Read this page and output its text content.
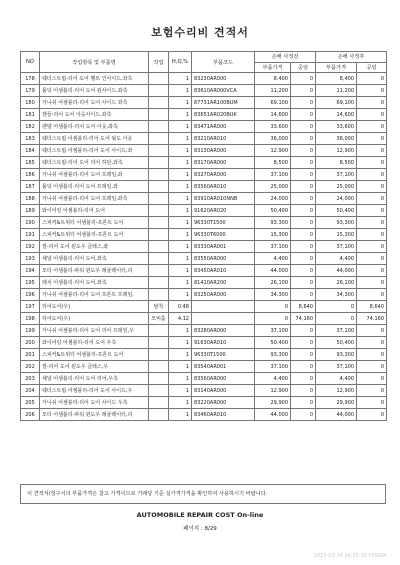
보험수리비 견적서
NO	작업항목 및 부품명	작업	H,Q,%	부품코드	손해 사정전		손해 사정후	
					부품가격	공임	부품가격	공임
178	웨더스트립-리어 도어 벨트 인사이드,좌측		1	83230AR000	8,400	0	8,400	0
179	몰딩 어셈블리-리어 도어 윈사이드,좌측		1	83610AR000VCA	11,200	0	11,200	0
180	가니쉬 어셈블리-리어 도어 사이드 좌측		1	87731AR100BUM	69,100	0	69,100	0
181	핸들-리어 도어 아웃사이드,좌측		1	83651AR020BUK	14,600	0	14,600	0
182	랜델 어셈블리-리어 도어 아웃,좌측		1	83471AR000	33,600	0	33,600	0
183	웨더스트립 어셈블리-리어 도어 뒷도 아웃		1	83210AR010	36,000	0	36,000	0
184	웨더스트립 어셈블리-리어 도어 사이드,좌		1	83130AR000	12,900	0	12,900	0
185	웨더스트립-리어 도어 리어 하단,좌측		1	83170AR000	8,500	0	8,500	0
186	가니쉬 어셈블리-리어 도어 프레임,좌		1	83270AR000	37,100	0	37,100	0
187	몰딩 어셈블리-리어 도어 프레임,좌		1	83560AR010	25,000	0	25,000	0
188	가니쉬 어셈블리-리어 도어 프레임,좌측		1	83910AR010NNB	24,000	0	24,000	0
189	와이어링 어셈블리-리어 도어		1	91620AR020	50,400	0	50,400	0
190	스피커&트위터 어셈블리-프론트 도어		1	96330T1500	93,300	0	93,300	0
191	스피커&트위터 어셈블리-프론트 도어		1	96330T6000	15,300	0	15,300	0
192	씰-리어 도어 윈도우 글래스,좌		1	83330AR001	37,100	0	37,100	0
193	채널 어셈블리-리어 도어,좌측		1	83550AR000	4,400	0	4,400	0
194	모터 어셈블리-파워 윈도우 레귤레이터,리		1	83450AR010	44,000	0	44,000	0
195	래치 어셈블리-리어 도어,좌측		1	81410AR200	26,100	0	26,100	0
196	가니쉬 어셈블리-리어 도어 프론트 프레임,		1	83250AR000	34,300	0	34,300	0
197	리어도어(우)	탈착	0.48		0	8,640	0	8,640
198	리어도어(우)	모비홀	4.12		0	74,160	0	74,160
199	가니쉬 어셈블리-리어 도어 리어 프레임,우		1	83280AR000	37,100	0	37,100	0
200	와이어링 어셈블리-리어 도어 우측		1	91630AR010	50,400	0	50,400	0
201	스피커&트위터 어셈블리-프론트 도어		1	96330T1500	93,300	0	93,300	0
202	씰-리어 도어 윈도우 글래스,우		1	83540AR001	37,100	0	37,100	0
203	채널 어셈블리-리어 도어 리어,우측		1	83560AR000	4,400	0	4,400	0
204	웨더스트립 어셈블리-리어 도어 사이드,우		1	83140AR000	12,900	0	12,900	0
205	가니쉬 어셈블리-리어 도어 사이드 우측		1	83220AR000	29,900	0	29,900	0
206	모터 어셈블리-파워 윈도우 레귤레이터,리		1	83460AR010	44,000	0	44,000	0
이 견적서/청구서의 부품가격은 참고 가격이므로 거래당 기준 실가격가격을 확인하여 사용하시기 바랍니다.
AUTOMOBILE REPAIR COST On-line
페이지 : 8/29
2023-03-14 14:25:39 PSSGM
